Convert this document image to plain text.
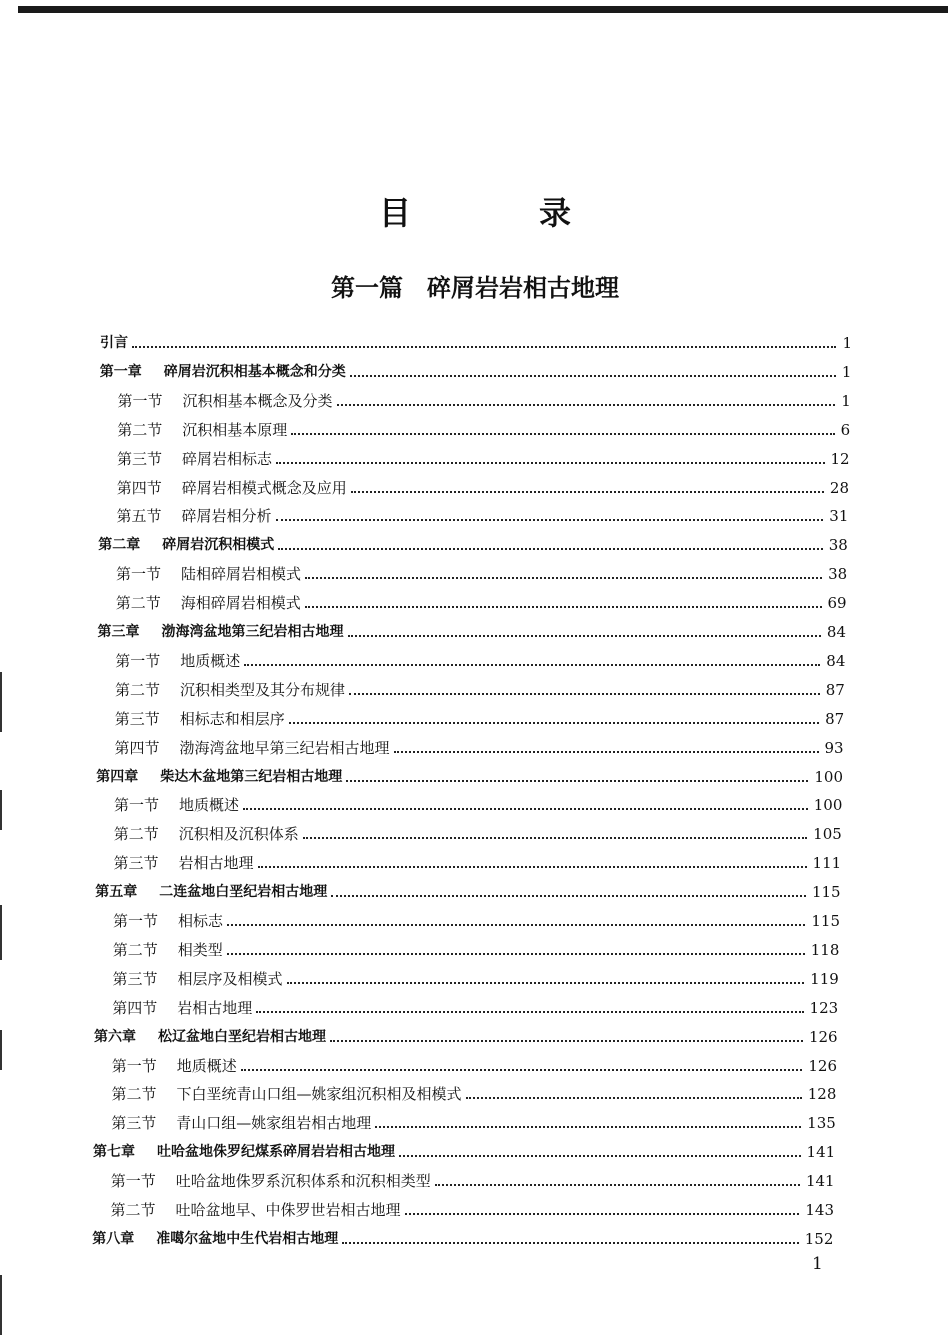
目　录
第一篇　碎屑岩岩相古地理
引言	1
第一章 碎屑岩沉积相基本概念和分类	1
第一节 沉积相基本概念及分类	1
第二节 沉积相基本原理	6
第三节 碎屑岩相标志	12
第四节 碎屑岩相模式概念及应用	28
第五节 碎屑岩相分析	31
第二章 碎屑岩沉积相模式	38
第一节 陆相碎屑岩相模式	38
第二节 海相碎屑岩相模式	69
第三章 渤海湾盆地第三纪岩相古地理	84
第一节 地质概述	84
第二节 沉积相类型及其分布规律	87
第三节 相标志和相层序	87
第四节 渤海湾盆地早第三纪岩相古地理	93
第四章 柴达木盆地第三纪岩相古地理	100
第一节 地质概述	100
第二节 沉积相及沉积体系	105
第三节 岩相古地理	111
第五章 二连盆地白垩纪岩相古地理	115
第一节 相标志	115
第二节 相类型	118
第三节 相层序及相模式	119
第四节 岩相古地理	123
第六章 松辽盆地白垩纪岩相古地理	126
第一节 地质概述	126
第二节 下白垩统青山口组—姚家组沉积相及相模式	128
第三节 青山口组—姚家组岩相古地理	135
第七章 吐哈盆地侏罗纪煤系碎屑岩岩相古地理	141
第一节 吐哈盆地侏罗系沉积体系和沉积相类型	141
第二节 吐哈盆地早、中侏罗世岩相古地理	143
第八章 准噶尔盆地中生代岩相古地理	152
1
